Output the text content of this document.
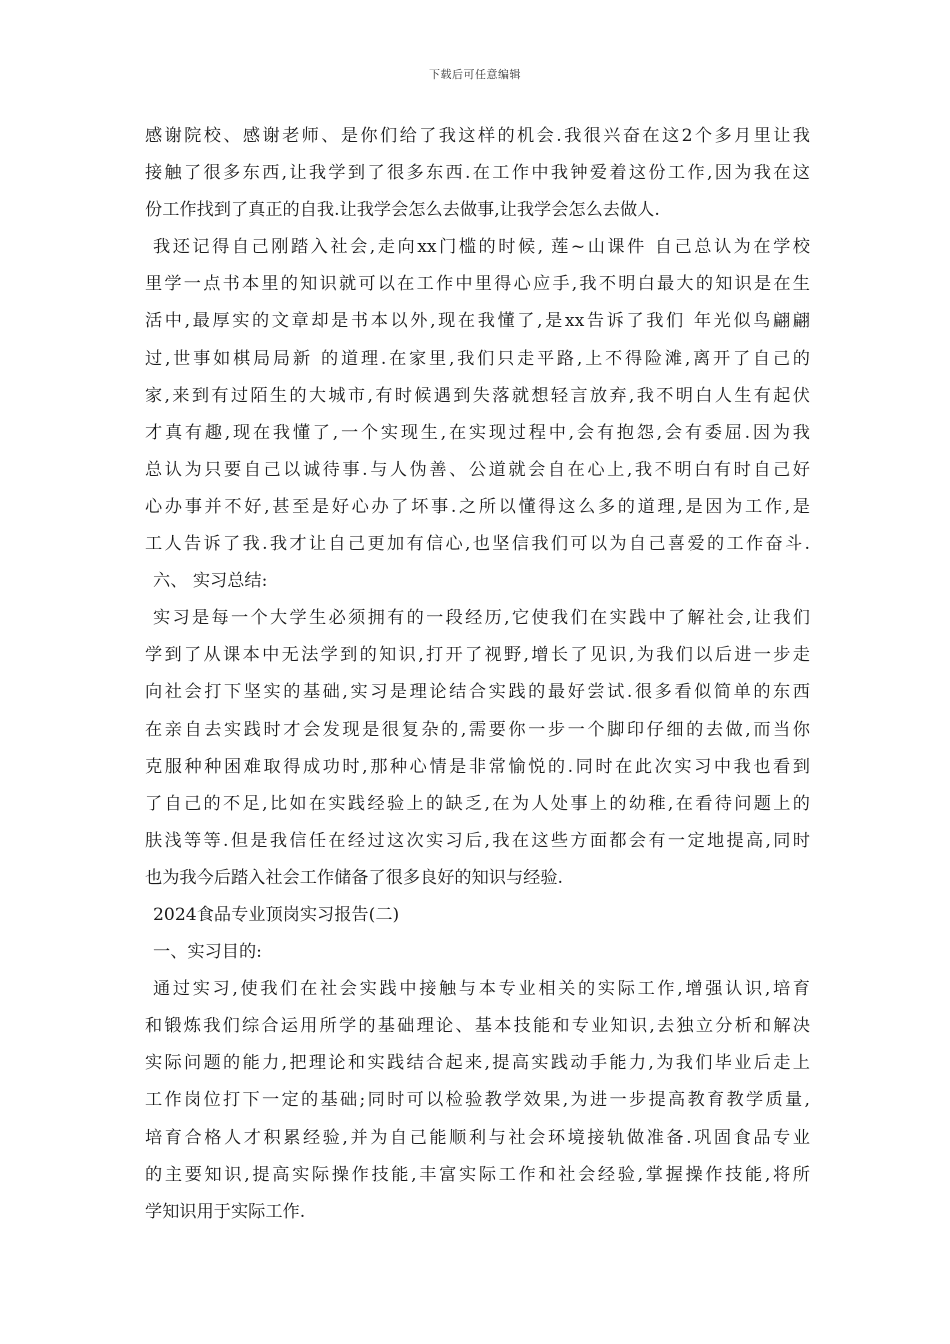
下载后可任意编辑
感谢院校、感谢老师、是你们给了我这样的机会.我很兴奋在这2个多月里让我
接触了很多东西,让我学到了很多东西.在工作中我钟爱着这份工作,因为我在这
份工作找到了真正的自我.让我学会怎么去做事,让我学会怎么去做人.
我还记得自己刚踏入社会,走向xx门槛的时候, 莲~山课件 自己总认为在学校
里学一点书本里的知识就可以在工作中里得心应手,我不明白最大的知识是在生
活中,最厚实的文章却是书本以外,现在我懂了,是xx告诉了我们 年光似鸟翩翩
过,世事如棋局局新 的道理.在家里,我们只走平路,上不得险滩,离开了自己的
家,来到有过陌生的大城市,有时候遇到失落就想轻言放弃,我不明白人生有起伏
才真有趣,现在我懂了,一个实现生,在实现过程中,会有抱怨,会有委屈.因为我
总认为只要自己以诚待事.与人伪善、公道就会自在心上,我不明白有时自己好
心办事并不好,甚至是好心办了坏事.之所以懂得这么多的道理,是因为工作,是
工人告诉了我.我才让自己更加有信心,也坚信我们可以为自己喜爱的工作奋斗.
六、 实习总结:
实习是每一个大学生必须拥有的一段经历,它使我们在实践中了解社会,让我们
学到了从课本中无法学到的知识,打开了视野,增长了见识,为我们以后进一步走
向社会打下坚实的基础,实习是理论结合实践的最好尝试.很多看似简单的东西
在亲自去实践时才会发现是很复杂的,需要你一步一个脚印仔细的去做,而当你
克服种种困难取得成功时,那种心情是非常愉悦的.同时在此次实习中我也看到
了自己的不足,比如在实践经验上的缺乏,在为人处事上的幼稚,在看待问题上的
肤浅等等.但是我信任在经过这次实习后,我在这些方面都会有一定地提高,同时
也为我今后踏入社会工作储备了很多良好的知识与经验.
2024食品专业顶岗实习报告(二)
一、实习目的:
通过实习,使我们在社会实践中接触与本专业相关的实际工作,增强认识,培育
和锻炼我们综合运用所学的基础理论、基本技能和专业知识,去独立分析和解决
实际问题的能力,把理论和实践结合起来,提高实践动手能力,为我们毕业后走上
工作岗位打下一定的基础;同时可以检验教学效果,为进一步提高教育教学质量,
培育合格人才积累经验,并为自己能顺利与社会环境接轨做准备.巩固食品专业
的主要知识,提高实际操作技能,丰富实际工作和社会经验,掌握操作技能,将所
学知识用于实际工作.
